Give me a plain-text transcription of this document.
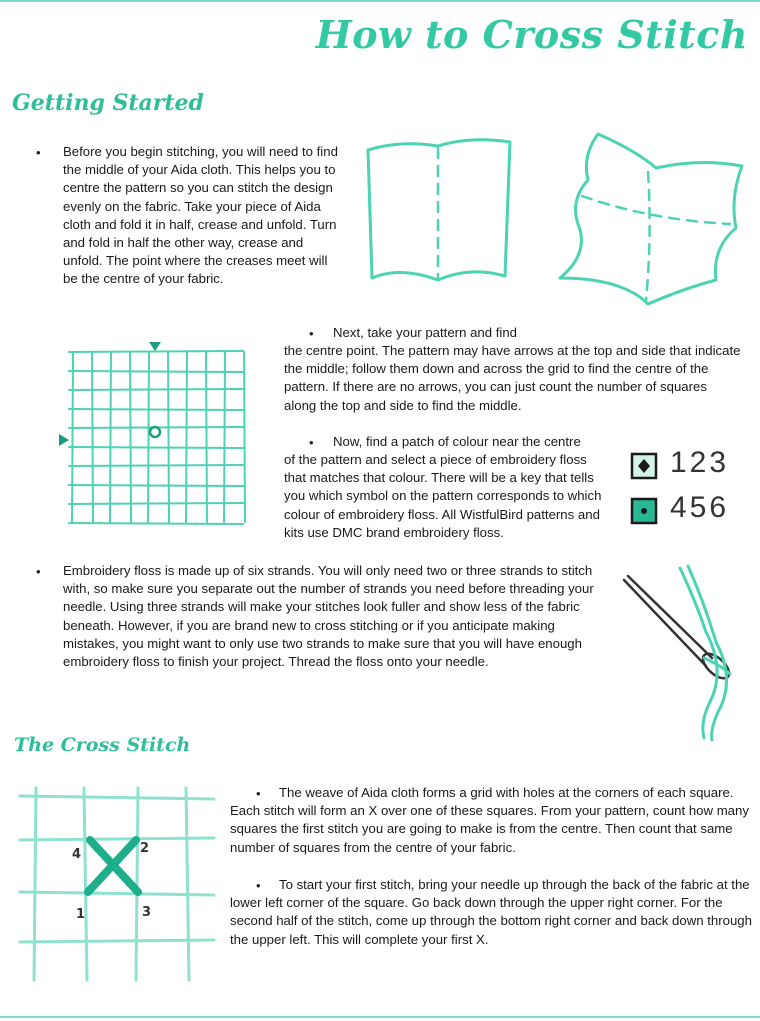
How to Cross Stitch
Getting Started
• Before you begin stitching, you will need to find the middle of your Aida cloth. This helps you to centre the pattern so you can stitch the design evenly on the fabric. Take your piece of Aida cloth and fold it in half, crease and unfold. Turn and fold in half the other way, crease and unfold. The point where the creases meet will be the centre of your fabric.

• Next, take your pattern and find

the centre point. The pattern may have arrows at the top and side that indicate the middle; follow them down and across the grid to find the centre of the pattern. If there are no arrows, you can just count the number of squares along the top and side to find the middle.

• Now, find a patch of colour near the centre

of the pattern and select a piece of embroidery floss that matches that colour. There will be a key that tells you which symbol on the pattern corresponds to which colour of embroidery floss. All WistfulBird patterns and kits use DMC brand embroidery floss.

123
456
• Embroidery floss is made up of six strands. You will only need two or three strands to stitch with, so make sure you separate out the number of strands you need before threading your needle. Using three strands will make your stitches look fuller and show less of the fabric beneath. However, if you are brand new to cross stitching or if you anticipate making mistakes, you might want to only use two strands to make sure that you will have enough embroidery floss to finish your project. Thread the floss onto your needle.

The Cross Stitch
4	2
1	3
•	The weave of Aida cloth forms a grid with holes at the corners of each square. Each stitch will form an X over one of these squares. From your pattern, count how many squares the first stitch you are going to make is from the centre. Then count that same number of squares from the centre of your fabric.

•	To start your first stitch, bring your needle up through the back of the fabric at the lower left corner of the square. Go back down through the upper right corner. For the second half of the stitch, come up through the bottom right corner and back down through the upper left. This will complete your first X.
